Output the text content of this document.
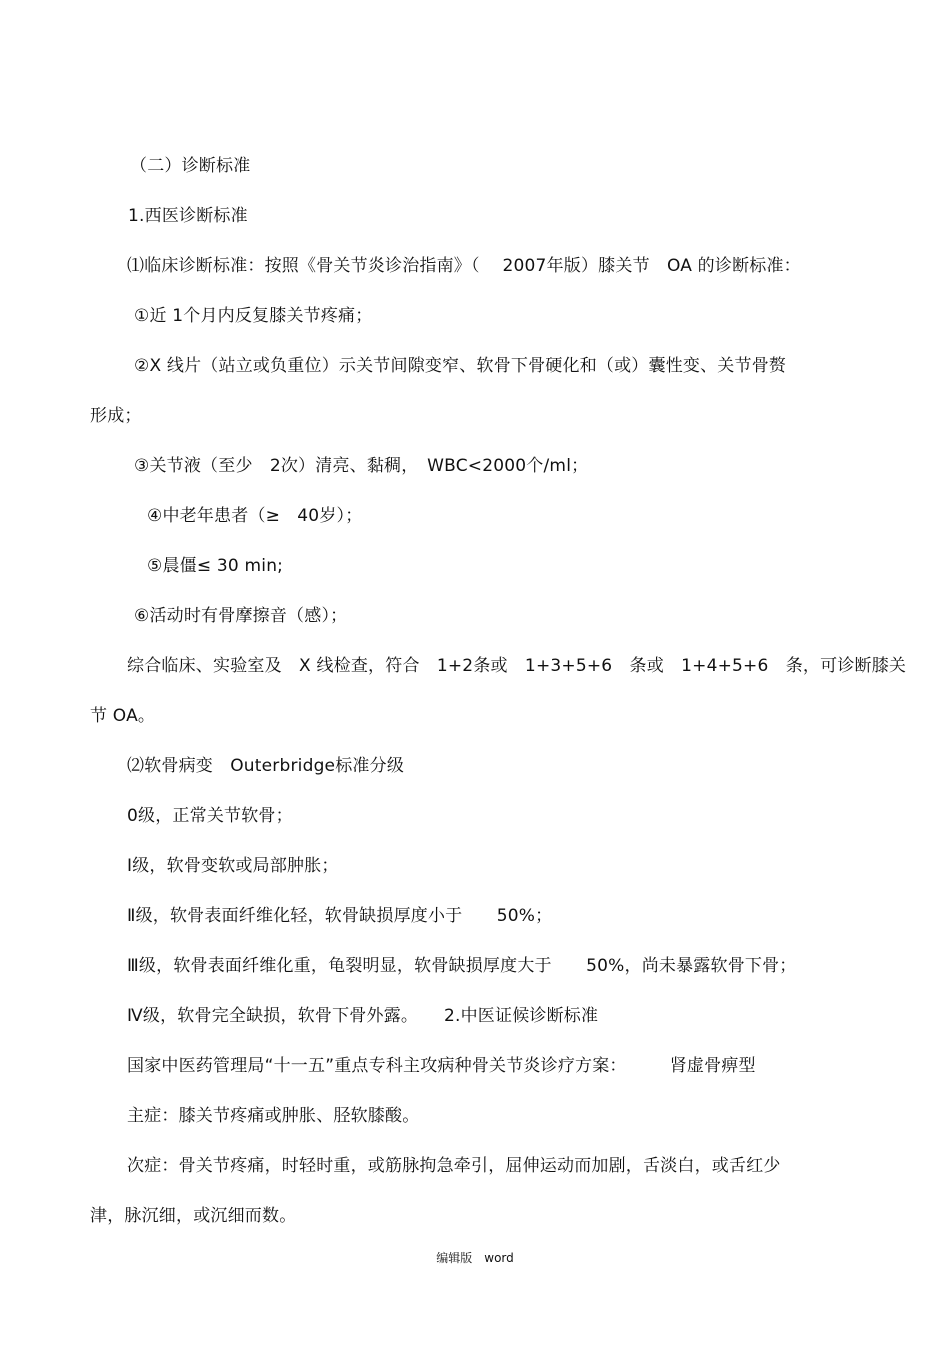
（二）诊断标准
1.西医诊断标准
⑴临床诊断标准：按照《骨关节炎诊治指南》（　 2007年版）膝关节　OA 的诊断标准：
①近 1个月内反复膝关节疼痛；
②X 线片（站立或负重位）示关节间隙变窄、软骨下骨硬化和（或）囊性变、关节骨赘
形成；
③关节液（至少　2次）清亮、黏稠，　WBC<2000个/ml；
④中老年患者（≥　40岁）；
⑤晨僵≤ 30 min;
⑥活动时有骨摩擦音（感）；
综合临床、实验室及　X 线检查，符合　1+2条或　1+3+5+6　条或　1+4+5+6　条，可诊断膝关
节 OA。
⑵软骨病变　Outerbridge标准分级
0级，正常关节软骨；
Ⅰ级，软骨变软或局部肿胀；
Ⅱ级，软骨表面纤维化轻，软骨缺损厚度小于　　50%；
Ⅲ级，软骨表面纤维化重，龟裂明显，软骨缺损厚度大于　　50%，尚未暴露软骨下骨；
Ⅳ级，软骨完全缺损，软骨下骨外露。　　2.中医证候诊断标准
国家中医药管理局“十一五”重点专科主攻病种骨关节炎诊疗方案：　　　肾虚骨痹型
主症：膝关节疼痛或肿胀、胫软膝酸。
次症：骨关节疼痛，时轻时重，或筋脉拘急牵引，屈伸运动而加剧，舌淡白，或舌红少
津，脉沉细，或沉细而数。
编辑版　word
